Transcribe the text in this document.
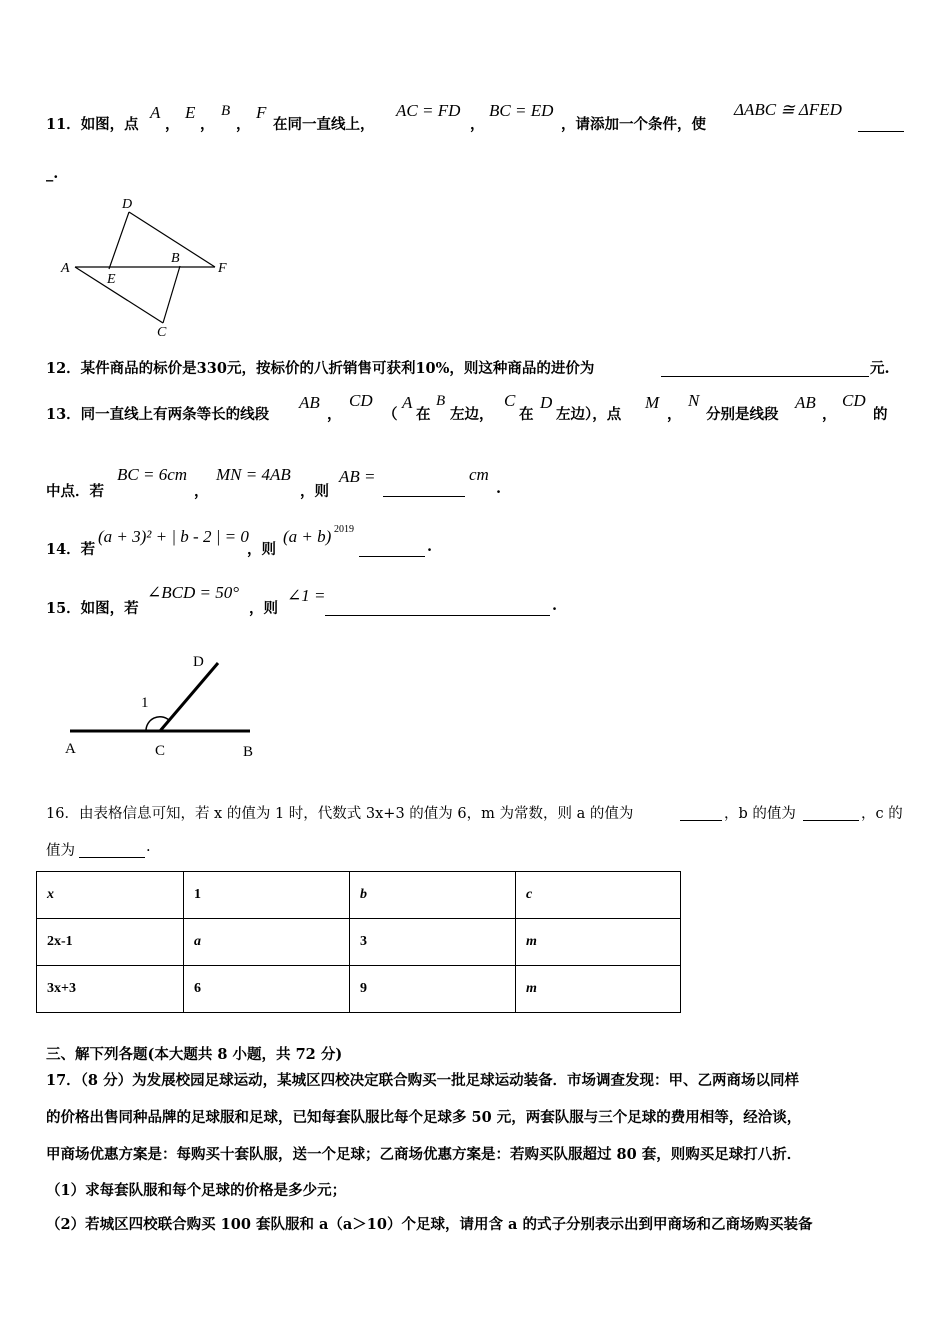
11．如图，点
A
，
E
，
B
，
F
在同一直线上，
AC = FD
，
BC = ED
，请添加一个条件，使
ΔABC ≅ ΔFED
_.
D
A
E
B
F
C
12．某件商品的标价是330元，按标价的八折销售可获利10%，则这种商品的进价为	元.
13．同一直线上有两条等长的线段
AB
，
CD
（
A
在
B
左边，
C
在
D
左边），点
M
，
N
分别是线段
AB
，
CD
的
中点．若
BC = 6cm
，
MN = 4AB
，则
AB =	cm
.
14．若
(a + 3)² + | b - 2 | = 0
，则
(a + b) 2019
.
15．如图，若
∠BCD = 50°
，则
∠1 =
.
D
1
A	C	B
16．由表格信息可知，若 x 的值为 1 时，代数式 3x+3 的值为 6，m 为常数，则 a 的值为	，b 的值为	，c 的
值为	.
x	1	b	c
2x-1	a	3	m
3x+3	6	9	m
三、解下列各题(本大题共 8 小题，共 72 分)
17．（8 分）为发展校园足球运动，某城区四校决定联合购买一批足球运动装备．市场调查发现：甲、乙两商场以同样
的价格出售同种品牌的足球服和足球，已知每套队服比每个足球多 50 元，两套队服与三个足球的费用相等，经洽谈，
甲商场优惠方案是：每购买十套队服，送一个足球；乙商场优惠方案是：若购买队服超过 80 套，则购买足球打八折．
（1）求每套队服和每个足球的价格是多少元；
（2）若城区四校联合购买 100 套队服和 a（a＞10）个足球，请用含 a 的式子分别表示出到甲商场和乙商场购买装备
